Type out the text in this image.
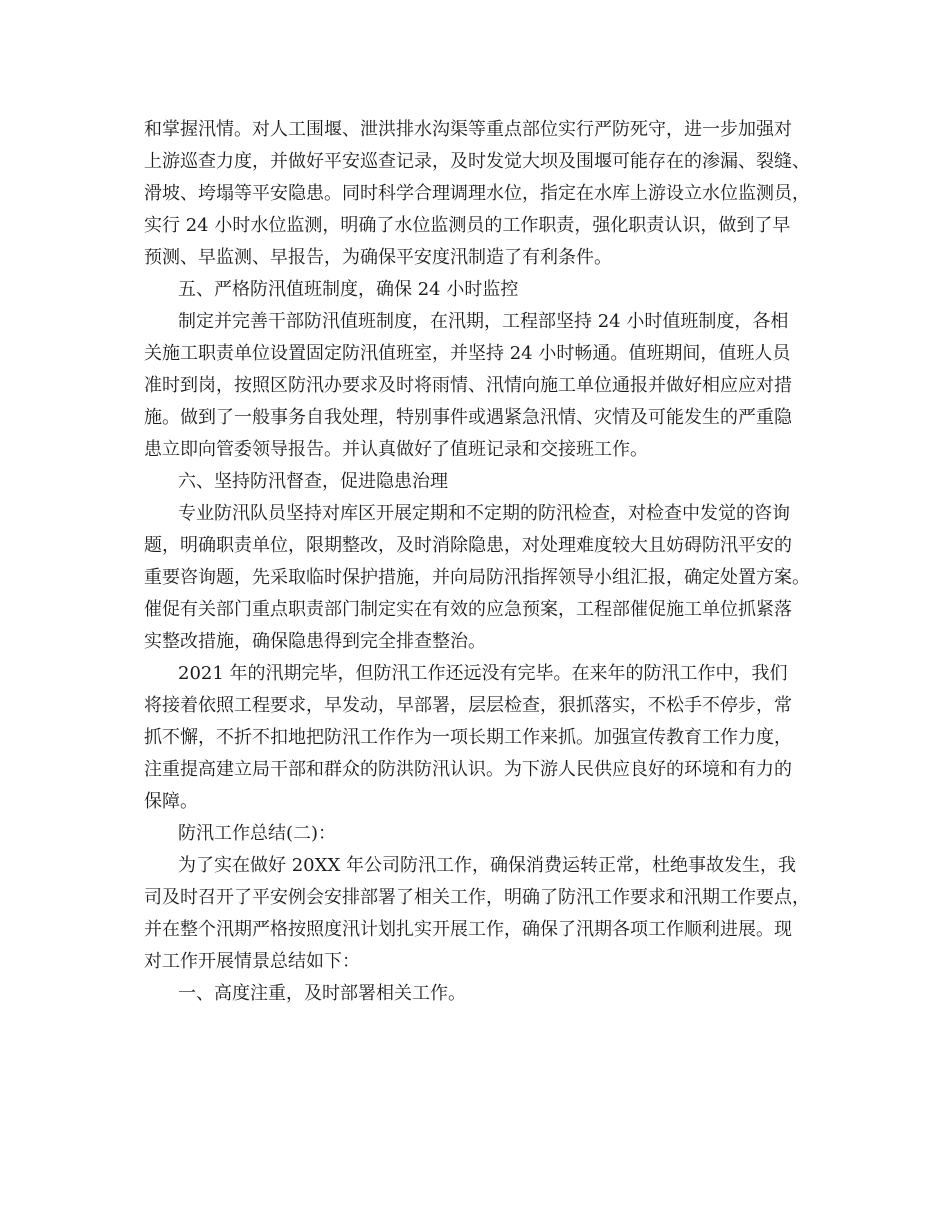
和掌握汛情。对人工围堰、泄洪排水沟渠等重点部位实行严防死守，进一步加强对
上游巡查力度，并做好平安巡查记录，及时发觉大坝及围堰可能存在的渗漏、裂缝、
滑坡、垮塌等平安隐患。同时科学合理调理水位，指定在水库上游设立水位监测员，
实行 24 小时水位监测，明确了水位监测员的工作职责，强化职责认识，做到了早
预测、早监测、早报告，为确保平安度汛制造了有利条件。
五、严格防汛值班制度，确保 24 小时监控
制定并完善干部防汛值班制度，在汛期，工程部坚持 24 小时值班制度，各相
关施工职责单位设置固定防汛值班室，并坚持 24 小时畅通。值班期间，值班人员
准时到岗，按照区防汛办要求及时将雨情、汛情向施工单位通报并做好相应应对措
施。做到了一般事务自我处理，特别事件或遇紧急汛情、灾情及可能发生的严重隐
患立即向管委领导报告。并认真做好了值班记录和交接班工作。
六、坚持防汛督查，促进隐患治理
专业防汛队员坚持对库区开展定期和不定期的防汛检查，对检查中发觉的咨询
题，明确职责单位，限期整改，及时消除隐患，对处理难度较大且妨碍防汛平安的
重要咨询题，先采取临时保护措施，并向局防汛指挥领导小组汇报，确定处置方案。
催促有关部门重点职责部门制定实在有效的应急预案，工程部催促施工单位抓紧落
实整改措施，确保隐患得到完全排查整治。
2021 年的汛期完毕，但防汛工作还远没有完毕。在来年的防汛工作中，我们
将接着依照工程要求，早发动，早部署，层层检查，狠抓落实，不松手不停步，常
抓不懈，不折不扣地把防汛工作作为一项长期工作来抓。加强宣传教育工作力度，
注重提高建立局干部和群众的防洪防汛认识。为下游人民供应良好的环境和有力的
保障。
防汛工作总结(二)：
为了实在做好 20XX 年公司防汛工作，确保消费运转正常，杜绝事故发生，我
司及时召开了平安例会安排部署了相关工作，明确了防汛工作要求和汛期工作要点，
并在整个汛期严格按照度汛计划扎实开展工作，确保了汛期各项工作顺利进展。现
对工作开展情景总结如下：
一、高度注重，及时部署相关工作。
